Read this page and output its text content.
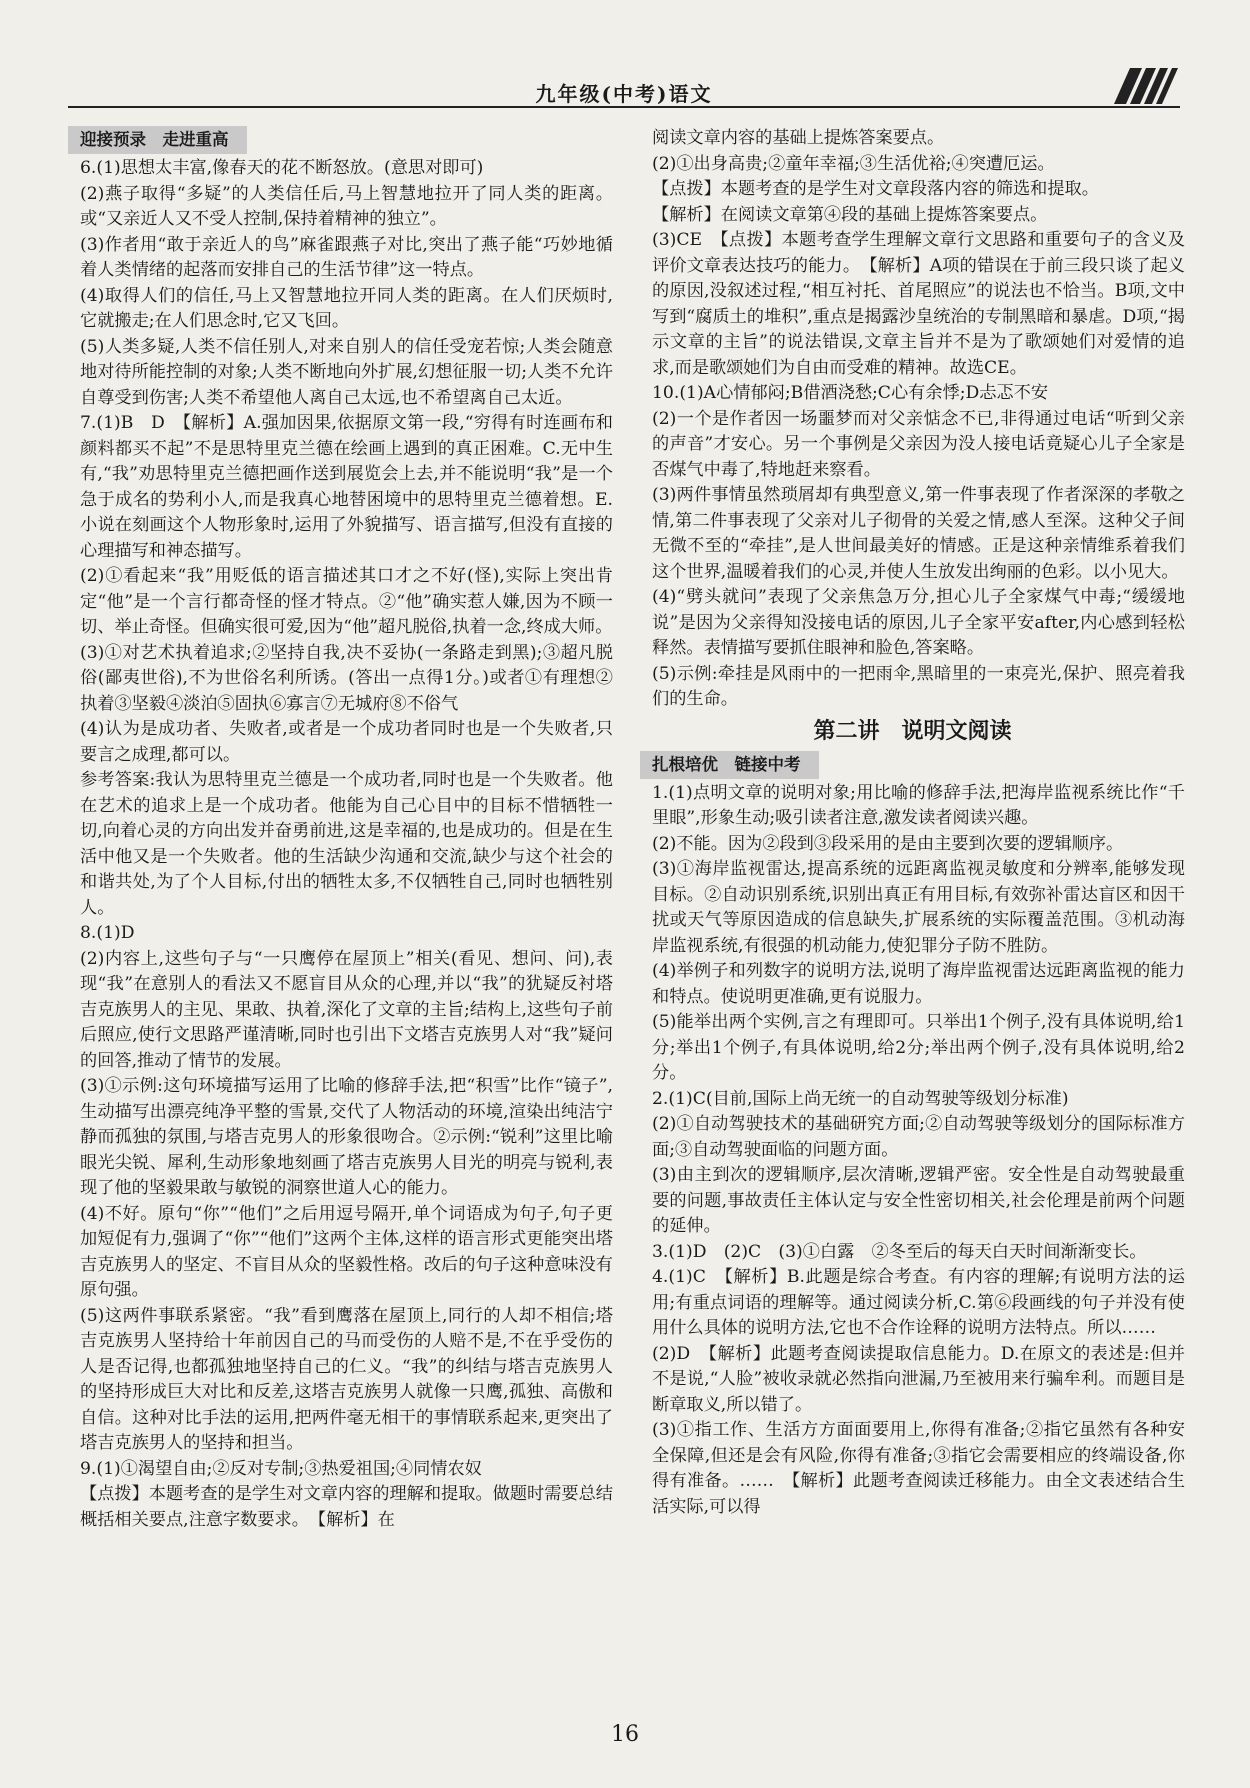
九年级(中考)语文
迎接预录　走进重高

6.(1)思想太丰富,像春天的花不断怒放。(意思对即可)

(2)燕子取得“多疑”的人类信任后,马上智慧地拉开了同人类的距离。或“又亲近人又不受人控制,保持着精神的独立”。

(3)作者用“敢于亲近人的鸟”麻雀跟燕子对比,突出了燕子能“巧妙地循着人类情绪的起落而安排自己的生活节律”这一特点。

(4)取得人们的信任,马上又智慧地拉开同人类的距离。在人们厌烦时,它就搬走;在人们思念时,它又飞回。

(5)人类多疑,人类不信任别人,对来自别人的信任受宠若惊;人类会随意地对待所能控制的对象;人类不断地向外扩展,幻想征服一切;人类不允许自尊受到伤害;人类不希望他人离自己太远,也不希望离自己太近。

7.(1)B　D　【解析】A.强加因果,依据原文第一段,“穷得有时连画布和颜料都买不起”不是思特里克兰德在绘画上遇到的真正困难。C.无中生有,“我”劝思特里克兰德把画作送到展览会上去,并不能说明“我”是一个急于成名的势利小人,而是我真心地替困境中的思特里克兰德着想。E.小说在刻画这个人物形象时,运用了外貌描写、语言描写,但没有直接的心理描写和神态描写。

(2)①看起来“我”用贬低的语言描述其口才之不好(怪),实际上突出肯定“他”是一个言行都奇怪的怪才特点。②“他”确实惹人嫌,因为不顾一切、举止奇怪。但确实很可爱,因为“他”超凡脱俗,执着一念,终成大师。

(3)①对艺术执着追求;②坚持自我,决不妥协(一条路走到黑);③超凡脱俗(鄙夷世俗),不为世俗名利所诱。(答出一点得1分。)或者①有理想②执着③坚毅④淡泊⑤固执⑥寡言⑦无城府⑧不俗气

(4)认为是成功者、失败者,或者是一个成功者同时也是一个失败者,只要言之成理,都可以。

参考答案:我认为思特里克兰德是一个成功者,同时也是一个失败者。他在艺术的追求上是一个成功者。他能为自己心目中的目标不惜牺牲一切,向着心灵的方向出发并奋勇前进,这是幸福的,也是成功的。但是在生活中他又是一个失败者。他的生活缺少沟通和交流,缺少与这个社会的和谐共处,为了个人目标,付出的牺牲太多,不仅牺牲自己,同时也牺牲别人。

8.(1)D

(2)内容上,这些句子与“一只鹰停在屋顶上”相关(看见、想问、问),表现“我”在意别人的看法又不愿盲目从众的心理,并以“我”的犹疑反衬塔吉克族男人的主见、果敢、执着,深化了文章的主旨;结构上,这些句子前后照应,使行文思路严谨清晰,同时也引出下文塔吉克族男人对“我”疑问的回答,推动了情节的发展。

(3)①示例:这句环境描写运用了比喻的修辞手法,把“积雪”比作“镜子”,生动描写出漂亮纯净平整的雪景,交代了人物活动的环境,渲染出纯洁宁静而孤独的氛围,与塔吉克男人的形象很吻合。②示例:“锐利”这里比喻眼光尖锐、犀利,生动形象地刻画了塔吉克族男人目光的明亮与锐利,表现了他的坚毅果敢与敏锐的洞察世道人心的能力。

(4)不好。原句“你”“他们”之后用逗号隔开,单个词语成为句子,句子更加短促有力,强调了“你”“他们”这两个主体,这样的语言形式更能突出塔吉克族男人的坚定、不盲目从众的坚毅性格。改后的句子这种意味没有原句强。

(5)这两件事联系紧密。“我”看到鹰落在屋顶上,同行的人却不相信;塔吉克族男人坚持给十年前因自己的马而受伤的人赔不是,不在乎受伤的人是否记得,也都孤独地坚持自己的仁义。“我”的纠结与塔吉克族男人的坚持形成巨大对比和反差,这塔吉克族男人就像一只鹰,孤独、高傲和自信。这种对比手法的运用,把两件毫无相干的事情联系起来,更突出了塔吉克族男人的坚持和担当。

9.(1)①渴望自由;②反对专制;③热爱祖国;④同情农奴

【点拨】本题考查的是学生对文章内容的理解和提取。做题时需要总结概括相关要点,注意字数要求。　【解析】在

阅读文章内容的基础上提炼答案要点。

(2)①出身高贵;②童年幸福;③生活优裕;④突遭厄运。

【点拨】本题考查的是学生对文章段落内容的筛选和提取。

【解析】在阅读文章第④段的基础上提炼答案要点。

(3)CE　【点拨】本题考查学生理解文章行文思路和重要句子的含义及评价文章表达技巧的能力。　【解析】A项的错误在于前三段只谈了起义的原因,没叙述过程,“相互衬托、首尾照应”的说法也不恰当。B项,文中写到“腐质土的堆积”,重点是揭露沙皇统治的专制黑暗和暴虐。D项,“揭示文章的主旨”的说法错误,文章主旨并不是为了歌颂她们对爱情的追求,而是歌颂她们为自由而受难的精神。故选CE。

10.(1)A心情郁闷;B借酒浇愁;C心有余悸;D忐忑不安

(2)一个是作者因一场噩梦而对父亲惦念不已,非得通过电话“听到父亲的声音”才安心。另一个事例是父亲因为没人接电话竟疑心儿子全家是否煤气中毒了,特地赶来察看。

(3)两件事情虽然琐屑却有典型意义,第一件事表现了作者深深的孝敬之情,第二件事表现了父亲对儿子彻骨的关爱之情,感人至深。这种父子间无微不至的“牵挂”,是人世间最美好的情感。正是这种亲情维系着我们这个世界,温暖着我们的心灵,并使人生放发出绚丽的色彩。以小见大。

(4)“劈头就问”表现了父亲焦急万分,担心儿子全家煤气中毒;“缓缓地说”是因为父亲得知没接电话的原因,儿子全家平安after,内心感到轻松释然。表情描写要抓住眼神和脸色,答案略。

(5)示例:牵挂是风雨中的一把雨伞,黑暗里的一束亮光,保护、照亮着我们的生命。

第二讲　说明文阅读
扎根培优　链接中考

1.(1)点明文章的说明对象;用比喻的修辞手法,把海岸监视系统比作“千里眼”,形象生动;吸引读者注意,激发读者阅读兴趣。

(2)不能。因为②段到③段采用的是由主要到次要的逻辑顺序。

(3)①海岸监视雷达,提高系统的远距离监视灵敏度和分辨率,能够发现目标。②自动识别系统,识别出真正有用目标,有效弥补雷达盲区和因干扰或天气等原因造成的信息缺失,扩展系统的实际覆盖范围。③机动海岸监视系统,有很强的机动能力,使犯罪分子防不胜防。

(4)举例子和列数字的说明方法,说明了海岸监视雷达远距离监视的能力和特点。使说明更准确,更有说服力。

(5)能举出两个实例,言之有理即可。只举出1个例子,没有具体说明,给1分;举出1个例子,有具体说明,给2分;举出两个例子,没有具体说明,给2分。

2.(1)C(目前,国际上尚无统一的自动驾驶等级划分标准)

(2)①自动驾驶技术的基础研究方面;②自动驾驶等级划分的国际标准方面;③自动驾驶面临的问题方面。

(3)由主到次的逻辑顺序,层次清晰,逻辑严密。安全性是自动驾驶最重要的问题,事故责任主体认定与安全性密切相关,社会伦理是前两个问题的延伸。

3.(1)D　(2)C　(3)①白露　②冬至后的每天白天时间渐渐变长。

4.(1)C　【解析】B.此题是综合考查。有内容的理解;有说明方法的运用;有重点词语的理解等。通过阅读分析,C.第⑥段画线的句子并没有使用什么具体的说明方法,它也不合作诠释的说明方法特点。所以……

(2)D　【解析】此题考查阅读提取信息能力。D.在原文的表述是:但并不是说,“人脸”被收录就必然指向泄漏,乃至被用来行骗牟利。而题目是断章取义,所以错了。

(3)①指工作、生活方方面面要用上,你得有准备;②指它虽然有各种安全保障,但还是会有风险,你得有准备;③指它会需要相应的终端设备,你得有准备。……　【解析】此题考查阅读迁移能力。由全文表述结合生活实际,可以得

16
